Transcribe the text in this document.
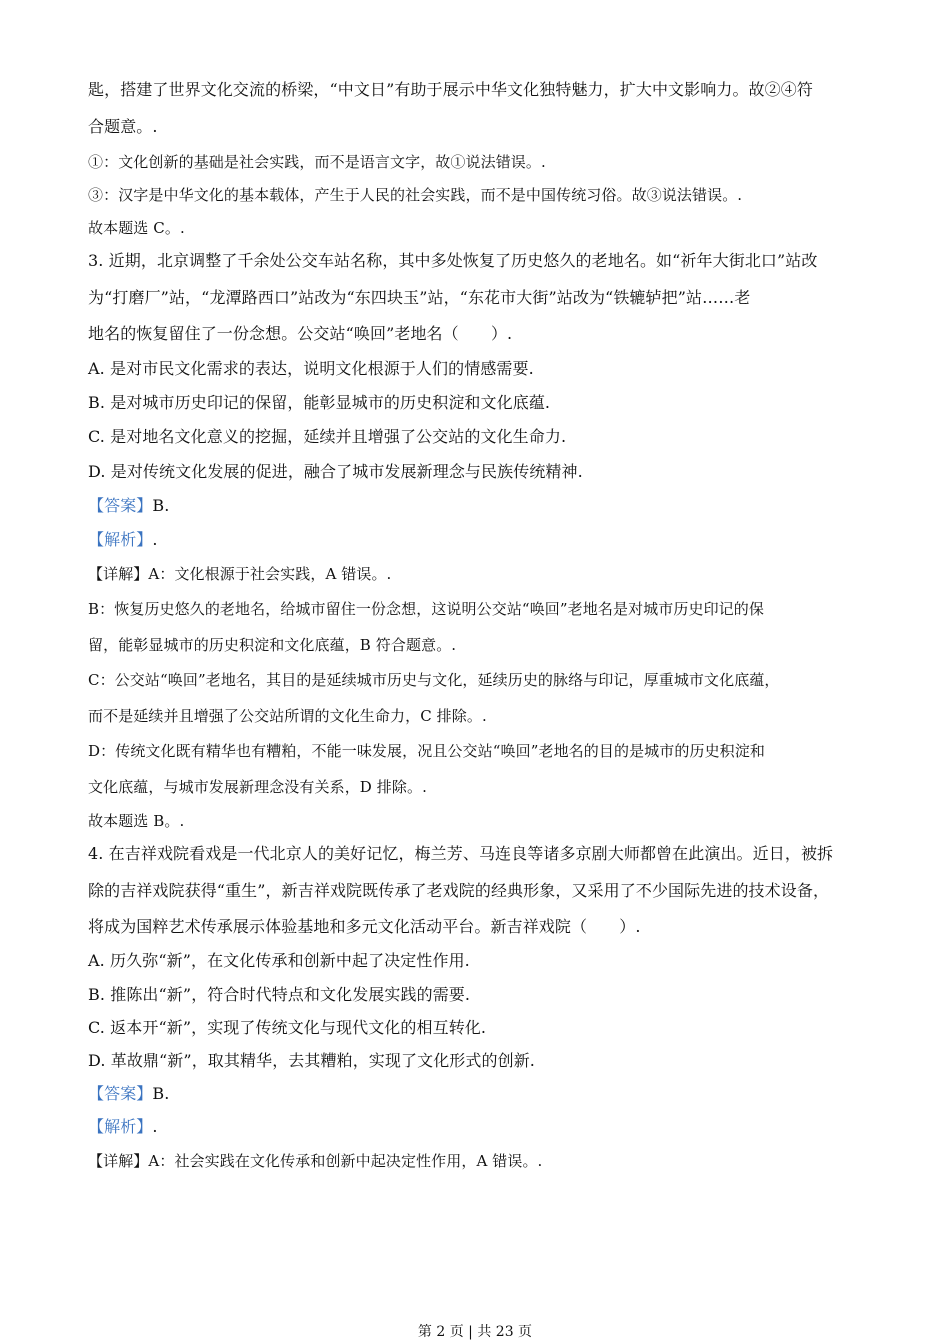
匙，搭建了世界文化交流的桥梁，“中文日”有助于展示中华文化独特魅力，扩大中文影响力。故②④符
合题意。.
①：文化创新的基础是社会实践，而不是语言文字，故①说法错误。.
③：汉字是中华文化的基本载体，产生于人民的社会实践，而不是中国传统习俗。故③说法错误。.
故本题选 C。.
3. 近期，北京调整了千余处公交车站名称，其中多处恢复了历史悠久的老地名。如“祈年大街北口”站改
为“打磨厂”站，“龙潭路西口”站改为“东四块玉”站，“东花市大街”站改为“铁辘轳把”站……老
地名的恢复留住了一份念想。公交站“唤回”老地名（　　）.
A. 是对市民文化需求的表达，说明文化根源于人们的情感需要.
B. 是对城市历史印记的保留，能彰显城市的历史积淀和文化底蕴.
C. 是对地名文化意义的挖掘，延续并且增强了公交站的文化生命力.
D. 是对传统文化发展的促进，融合了城市发展新理念与民族传统精神.
【答案】B.
【解析】.
【详解】A：文化根源于社会实践，A 错误。.
B：恢复历史悠久的老地名，给城市留住一份念想，这说明公交站“唤回”老地名是对城市历史印记的保
留，能彰显城市的历史积淀和文化底蕴，B 符合题意。.
C：公交站“唤回”老地名，其目的是延续城市历史与文化，延续历史的脉络与印记，厚重城市文化底蕴，
而不是延续并且增强了公交站所谓的文化生命力，C 排除。.
D：传统文化既有精华也有糟粕，不能一味发展，况且公交站“唤回”老地名的目的是城市的历史积淀和
文化底蕴，与城市发展新理念没有关系，D 排除。.
故本题选 B。.
4. 在吉祥戏院看戏是一代北京人的美好记忆，梅兰芳、马连良等诸多京剧大师都曾在此演出。近日，被拆
除的吉祥戏院获得“重生”，新吉祥戏院既传承了老戏院的经典形象，又采用了不少国际先进的技术设备，
将成为国粹艺术传承展示体验基地和多元文化活动平台。新吉祥戏院（　　）.
A. 历久弥“新”，在文化传承和创新中起了决定性作用.
B. 推陈出“新”，符合时代特点和文化发展实践的需要.
C. 返本开“新”，实现了传统文化与现代文化的相互转化.
D. 革故鼎“新”，取其精华，去其糟粕，实现了文化形式的创新.
【答案】B.
【解析】.
【详解】A：社会实践在文化传承和创新中起决定性作用，A 错误。.
第 2 页 | 共 23 页
